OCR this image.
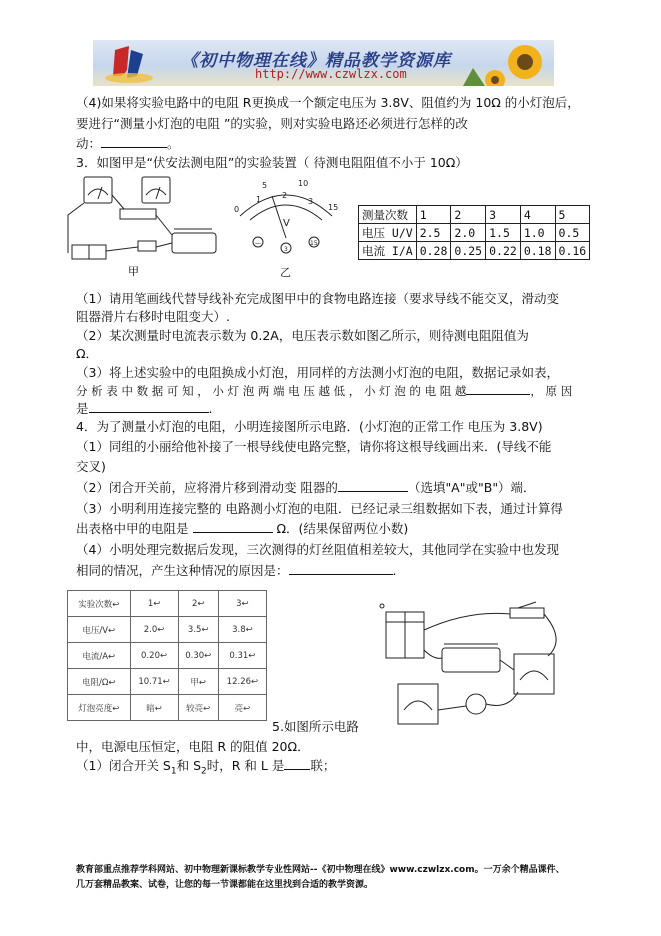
《初中物理在线》精品教学资源库
http://www.czwlzx.com
（4)如果将实验电路中的电阻 R更换成一个额定电压为 3.8V、阻值约为 10Ω 的小灯泡后，
要进行“测量小灯泡的电阻 ”的实验，则对实验电路还必须进行怎样的改
动：	。
3．如图甲是“伏安法测电阻”的实验装置（ 待测电阻阻值不小于 10Ω）
甲
0
5	10
15
1	2
3
V
—
3
15
乙
测量次数	1	2	3	4	5
电压 U/V	2.5	2.0	1.5	1.0	0.5
电流 I/A	0.28	0.25	0.22	0.18	0.16
（1）请用笔画线代替导线补充完成图甲中的食物电路连接（要求导线不能交叉，滑动变
阻器滑片右移时电阻变大）.
（2）某次测量时电流表示数为 0.2A，电压表示数如图乙所示，则待测电阻阻值为
Ω．
（3）将上述实验中的电阻换成小灯泡，用同样的方法测小灯泡的电阻，数据记录如表，
分 析 表 中 数 据 可 知 ， 小 灯 泡 两 端 电 压 越 低 ， 小 灯 泡 的 电 阻 越	， 原 因
是	.
4．为了测量小灯泡的电阻，小明连接图所示电路．(小灯泡的正常工作 电压为 3.8V)
（1）同组的小丽给他补接了一根导线使电路完整，请你将这根导线画出来．(导线不能
交叉)
（2）闭合开关前，应将滑片移到滑动变 阻器的	（选填"A"或"B"）端．
（3）小明利用连接完整的 电路测小灯泡的电阻．已经记录三组数据如下表，通过计算得
出表格中甲的电阻是	Ω．(结果保留两位小数)
（4）小明处理完数据后发现，三次测得的灯丝阻值相差较大，其他同学在实验中也发现
相同的情况，产生这种情况的原因是：	.
实验次数↩	1↩	2↩	3↩
电压/V↩	2.0↩	3.5↩	3.8↩
电流/A↩	0.20↩	0.30↩	0.31↩
电阻/Ω↩	10.71↩	甲↩	12.26↩
灯泡亮度↩	暗↩	较亮↩	亮↩
5.如图所示电路
中，电源电压恒定，电阻 R 的阻值 20Ω．
（1）闭合开关 $S_1$和 $S_2$时，R 和 L 是 联；
教育部重点推荐学科网站、初中物理新课标教学专业性网站--《初中物理在线》www.czwlzx.com。一万余个精品课件、
几万套精品教案、试卷，让您的每一节课都能在这里找到合适的教学资源。
